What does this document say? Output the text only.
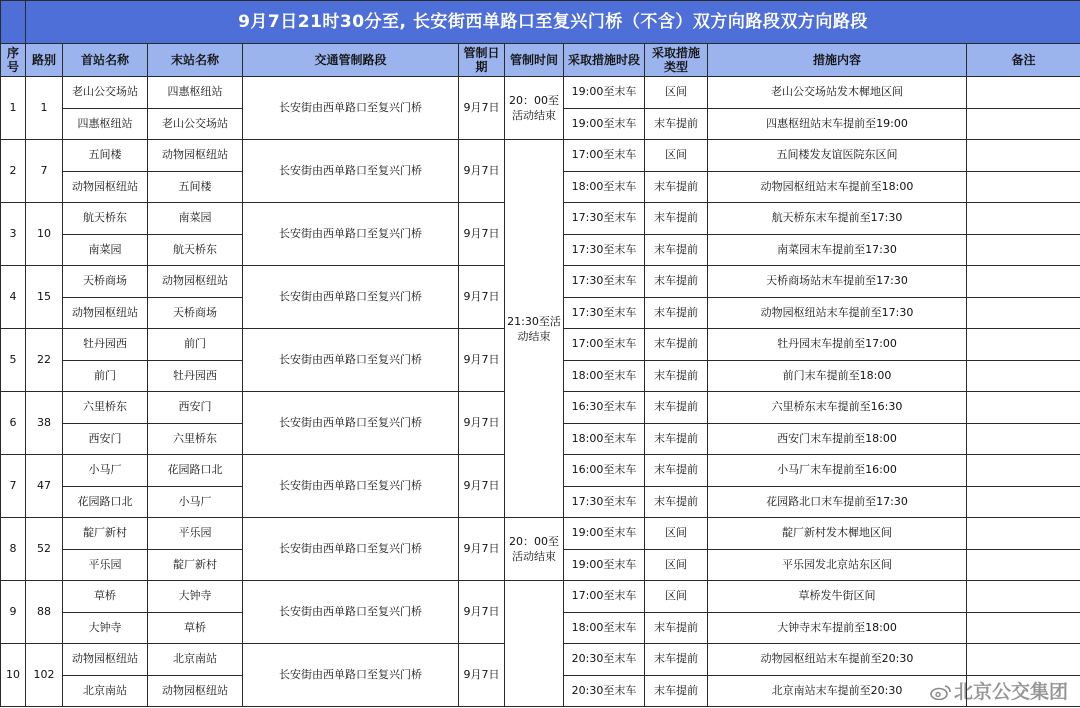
	9月7日21时30分至, 长安街西单路口至复兴门桥（不含）双方向路段双方向路段									
序号	路别	首站名称	末站名称	交通管制路段	管制日期	管制时间	采取措施时段	采取措施类型	措施内容	备注
1	1	老山公交场站	四惠枢纽站	长安街由西单路口至复兴门桥	9月7日	20：00至活动结束	19:00至末车	区间	老山公交场站发木樨地区间	
		四惠枢纽站	老山公交场站				19:00至末车	末车提前	四惠枢纽站末车提前至19:00	
2	7	五间楼	动物园枢纽站	长安街由西单路口至复兴门桥	9月7日	21:30至活动结束	17:00至末车	区间	五间楼发友谊医院东区间	
		动物园枢纽站	五间楼				18:00至末车	末车提前	动物园枢纽站末车提前至18:00	
3	10	航天桥东	南菜园	长安街由西单路口至复兴门桥	9月7日		17:30至末车	末车提前	航天桥东末车提前至17:30	
		南菜园	航天桥东				17:30至末车	末车提前	南菜园末车提前至17:30	
4	15	天桥商场	动物园枢纽站	长安街由西单路口至复兴门桥	9月7日		17:30至末车	末车提前	天桥商场站末车提前至17:30	
		动物园枢纽站	天桥商场				17:30至末车	末车提前	动物园枢纽站末车提前至17:30	
5	22	牡丹园西	前门	长安街由西单路口至复兴门桥	9月7日		17:00至末车	末车提前	牡丹园末车提前至17:00	
		前门	牡丹园西				18:00至末车	末车提前	前门末车提前至18:00	
6	38	六里桥东	西安门	长安街由西单路口至复兴门桥	9月7日		16:30至末车	末车提前	六里桥东末车提前至16:30	
		西安门	六里桥东				18:00至末车	末车提前	西安门末车提前至18:00	
7	47	小马厂	花园路口北	长安街由西单路口至复兴门桥	9月7日		16:00至末车	末车提前	小马厂末车提前至16:00	
		花园路口北	小马厂				17:30至末车	末车提前	花园路北口末车提前至17:30	
8	52	靛厂新村	平乐园	长安街由西单路口至复兴门桥	9月7日	20：00至活动结束	19:00至末车	区间	靛厂新村发木樨地区间	
		平乐园	靛厂新村				19:00至末车	区间	平乐园发北京站东区间	
9	88	草桥	大钟寺	长安街由西单路口至复兴门桥	9月7日		17:00至末车	区间	草桥发牛街区间	
		大钟寺	草桥				18:00至末车	末车提前	大钟寺末车提前至18:00	
10	102	动物园枢纽站	北京南站	长安街由西单路口至复兴门桥	9月7日		20:30至末车	末车提前	动物园枢纽站末车提前至20:30	
		北京南站	动物园枢纽站				20:30至末车	末车提前	北京南站末车提前至20:30		北京公交集团
